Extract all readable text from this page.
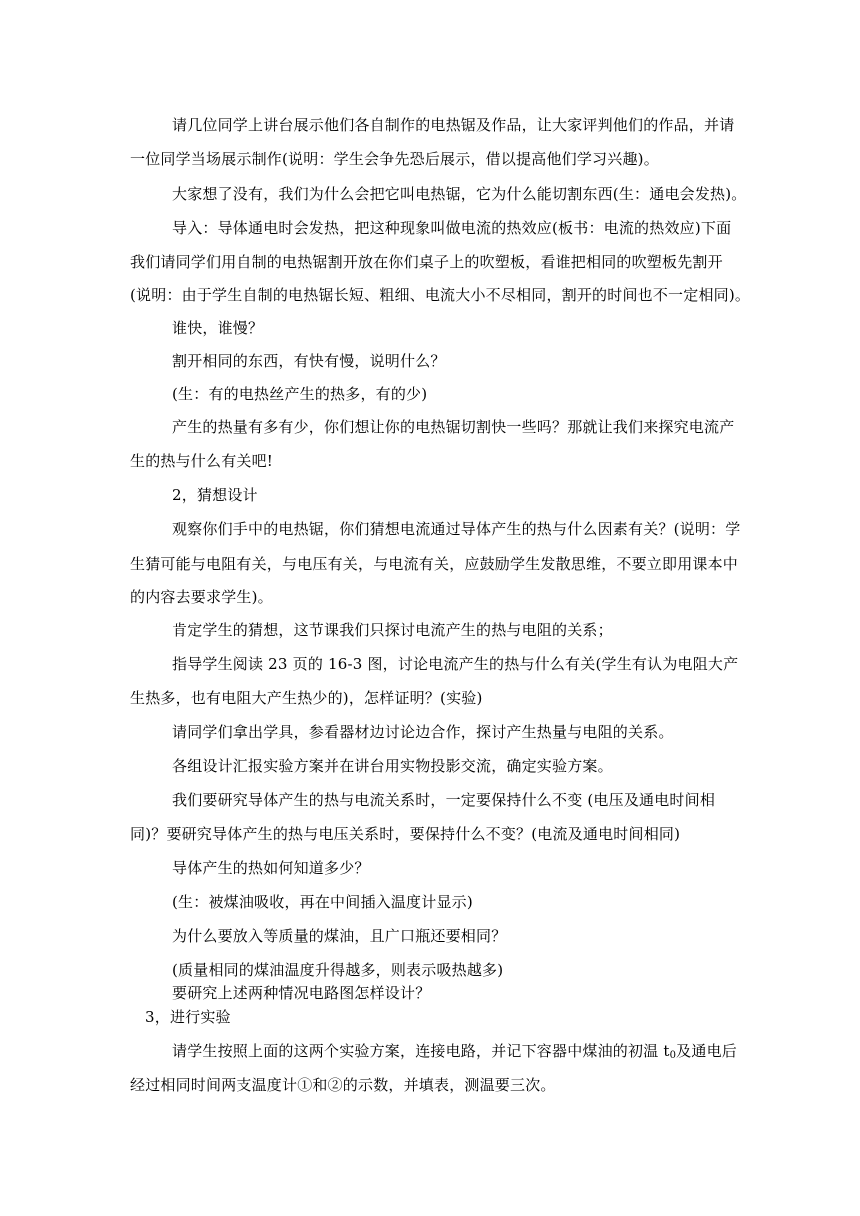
请几位同学上讲台展示他们各自制作的电热锯及作品，让大家评判他们的作品，并请
一位同学当场展示制作(说明：学生会争先恐后展示，借以提高他们学习兴趣)。
大家想了没有，我们为什么会把它叫电热锯，它为什么能切割东西(生：通电会发热)。
导入：导体通电时会发热，把这种现象叫做电流的热效应(板书：电流的热效应)下面
我们请同学们用自制的电热锯割开放在你们桌子上的吹塑板，看谁把相同的吹塑板先割开
(说明：由于学生自制的电热锯长短、粗细、电流大小不尽相同，割开的时间也不一定相同)。
谁快，谁慢？
割开相同的东西，有快有慢，说明什么？
(生：有的电热丝产生的热多，有的少)
产生的热量有多有少，你们想让你的电热锯切割快一些吗？那就让我们来探究电流产
生的热与什么有关吧!
2，猜想设计
观察你们手中的电热锯，你们猜想电流通过导体产生的热与什么因素有关？(说明：学
生猜可能与电阻有关，与电压有关，与电流有关，应鼓励学生发散思维，不要立即用课本中
的内容去要求学生)。
肯定学生的猜想，这节课我们只探讨电流产生的热与电阻的关系；
指导学生阅读 23 页的 16-3 图，讨论电流产生的热与什么有关(学生有认为电阻大产
生热多，也有电阻大产生热少的)，怎样证明？(实验)
请同学们拿出学具，参看器材边讨论边合作，探讨产生热量与电阻的关系。
各组设计汇报实验方案并在讲台用实物投影交流，确定实验方案。
我们要研究导体产生的热与电流关系时，一定要保持什么不变 (电压及通电时间相
同)？要研究导体产生的热与电压关系时，要保持什么不变？(电流及通电时间相同)
导体产生的热如何知道多少？
(生：被煤油吸收，再在中间插入温度计显示)
为什么要放入等质量的煤油，且广口瓶还要相同？
(质量相同的煤油温度升得越多，则表示吸热越多)
要研究上述两种情况电路图怎样设计？
3，进行实验
请学生按照上面的这两个实验方案，连接电路，并记下容器中煤油的初温 $t_0$及通电后
经过相同时间两支温度计①和②的示数，并填表，测温要三次。
